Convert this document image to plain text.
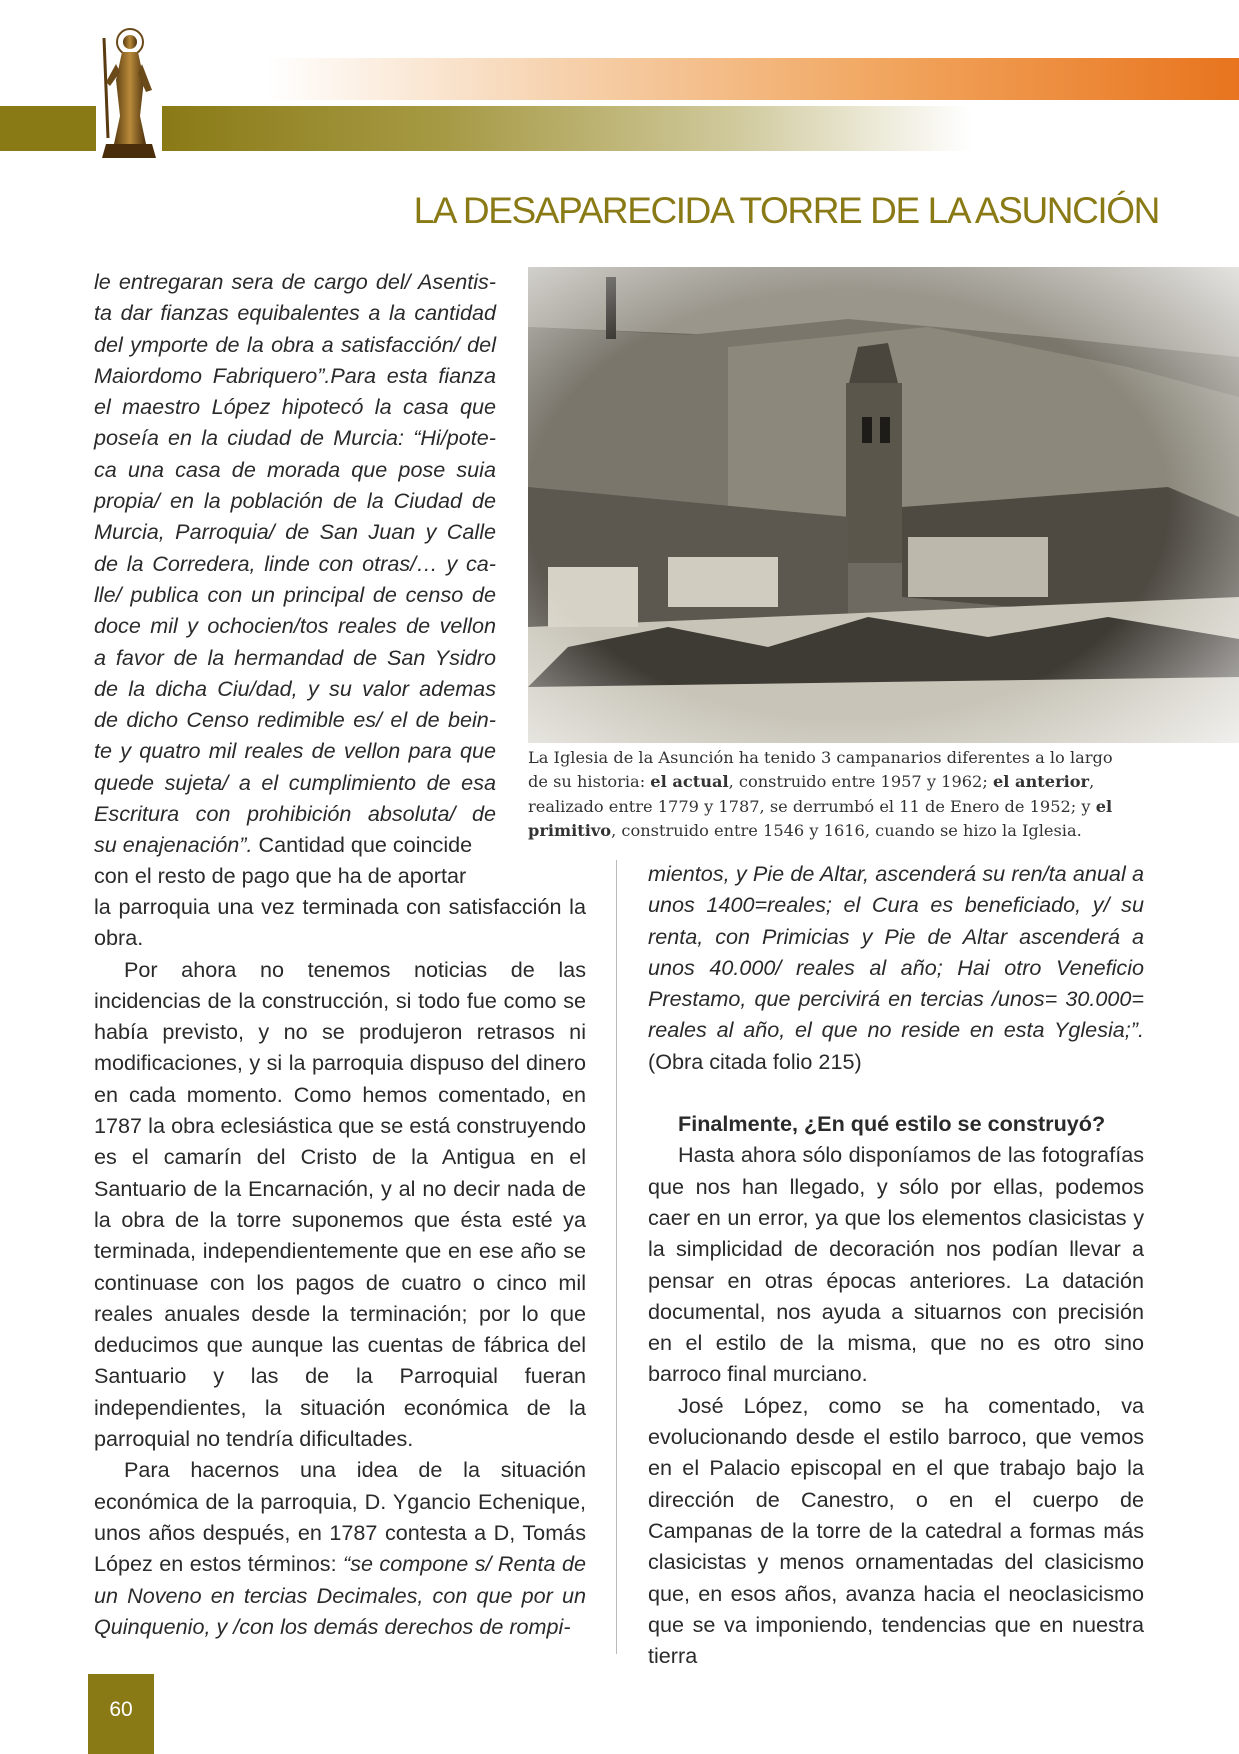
LA DESAPARECIDA TORRE DE LA ASUNCIÓN
le entregaran sera de cargo del/ Asentis-
ta dar fianzas equibalentes a la cantidad
del ymporte de la obra a satisfacción/ del
Maiordomo Fabriquero”.Para esta fianza
el maestro López hipotecó la casa que
poseía en la ciudad de Murcia: “Hi/pote-
ca una casa de morada que pose suia
propia/ en la población de la Ciudad de
Murcia, Parroquia/ de San Juan y Calle
de la Corredera, linde con otras/… y ca-
lle/ publica con un principal de censo de
doce mil y ochocien/tos reales de vellon
a favor de la hermandad de San Ysidro
de la dicha Ciu/dad, y su valor ademas
de dicho Censo redimible es/ el de bein-
te y quatro mil reales de vellon para que
quede sujeta/ a el cumplimiento de esa
Escritura con prohibición absoluta/ de
su enajenación”. Cantidad que coincide
con el resto de pago que ha de aportar

la parroquia una vez terminada con satisfacción la obra.

Por ahora no tenemos noticias de las incidencias de la construcción, si todo fue como se había previsto, y no se produjeron retrasos ni modificaciones, y si la parroquia dispuso del dinero en cada momento. Como hemos comentado, en 1787 la obra eclesiástica que se está construyendo es el camarín del Cristo de la Antigua en el Santuario de la Encarnación, y al no decir nada de la obra de la torre suponemos que ésta esté ya terminada, independientemente que en ese año se continuase con los pagos de cuatro o cinco mil reales anuales desde la terminación; por lo que deducimos que aunque las cuentas de fábrica del Santuario y las de la Parroquial fueran independientes, la situación económica de la parroquial no tendría dificultades.

Para hacernos una idea de la situación económica de la parroquia, D. Ygancio Echenique, unos años después, en 1787 contesta a D, Tomás López en estos términos: “se compone s/ Renta de un Noveno en tercias Decimales, con que por un Quinquenio, y /con los demás derechos de rompi-

La Iglesia de la Asunción ha tenido 3 campanarios diferentes a lo largo de su historia: el actual, construido entre 1957 y 1962; el anterior, realizado entre 1779 y 1787, se derrumbó el 11 de Enero de 1952; y el primitivo, construido entre 1546 y 1616, cuando se hizo la Iglesia.

mientos, y Pie de Altar, ascenderá su ren/ta anual a unos 1400=reales; el Cura es beneficiado, y/ su renta, con Primicias y Pie de Altar ascenderá a unos 40.000/ reales al año; Hai otro Veneficio Prestamo, que percivirá en tercias /unos= 30.000= reales al año, el que no reside en esta Yglesia;”. (Obra citada folio 215)

Finalmente, ¿En qué estilo se construyó?

Hasta ahora sólo disponíamos de las fotografías que nos han llegado, y sólo por ellas, podemos caer en un error, ya que los elementos clasicistas y la simplicidad de decoración nos podían llevar a pensar en otras épocas anteriores. La datación documental, nos ayuda a situarnos con precisión en el estilo de la misma, que no es otro sino barroco final murciano.

José López, como se ha comentado, va evolucionando desde el estilo barroco, que vemos en el Palacio episcopal en el que trabajo bajo la dirección de Canestro, o en el cuerpo de Campanas de la torre de la catedral a formas más clasicistas y menos ornamentadas del clasicismo que, en esos años, avanza hacia el neoclasicismo que se va imponiendo, tendencias que en nuestra tierra

60
